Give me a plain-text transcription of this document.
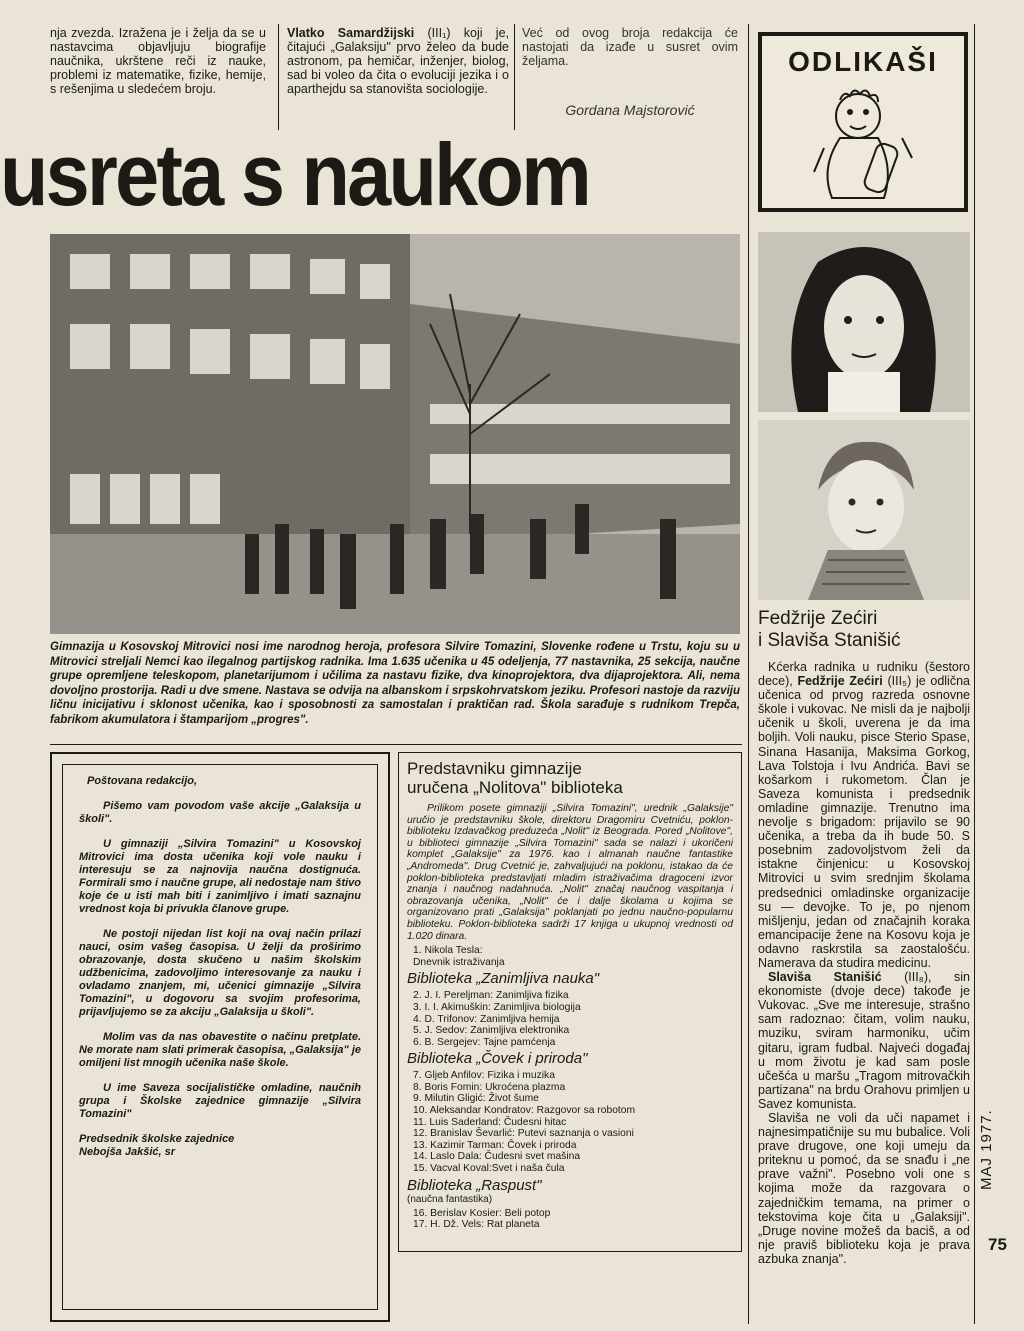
nja zvezda. Izražena je i želja da se u nastavcima objavljuju biografije naučnika, ukrštene reči iz nauke, problemi iz matematike, fizike, hemije, s rešenjima u sledećem broju.
Vlatko Samardžijski (III₁) koji je, čitajući „Galaksiju" prvo želeo da bude astronom, pa hemičar, inženjer, biolog, sad bi voleo da čita o evoluciji jezika i o aparthejdu sa stanovišta sociologije.
Već od ovog broja redakcija će nastojati da izađe u susret ovim željama.
Gordana Majstorović
usreta s naukom
ODLIKAŠI
Gimnazija u Kosovskoj Mitrovici nosi ime narodnog heroja, profesora Silvire Tomazini, Slovenke rođene u Trstu, koju su u Mitrovici streljali Nemci kao ilegalnog partijskog radnika. Ima 1.635 učenika u 45 odeljenja, 77 nastavnika, 25 sekcija, naučne grupe opremljene teleskopom, planetarijumom i učilima za nastavu fizike, dva kinoprojektora, dva dijaprojektora. Ali, nema dovoljno prostorija. Radi u dve smene. Nastava se odvija na albanskom i srpskohrvatskom jeziku. Profesori nastoje da razviju ličnu inicijativu i sklonost učenika, kao i sposobnosti za samostalan i praktičan rad. Škola sarađuje s rudnikom Trepča, fabrikom akumulatora i štamparijom „progres".
Fedžrije Zećiri
i Slaviša Stanišić

Kćerka radnika u rudniku (šestoro dece), Fedžrije Zećiri (III₅) je odlična učenica od prvog razreda osnovne škole i vukovac. Ne misli da je najbolji učenik u školi, uverena je da ima boljih. Voli nauku, pisce Sterio Spase, Sinana Hasanija, Maksima Gorkog, Lava Tolstoja i Ivu Andrića. Bavi se košarkom i rukometom. Član je Saveza komunista i predsednik omladine gimnazije. Trenutno ima nevolje s brigadom: prijavilo se 90 učenika, a treba da ih bude 50. S posebnim zadovoljstvom želi da istakne činjenicu: u Kosovskoj Mitrovici u svim srednjim školama predsednici omladinske organizacije su — devojke. To je, po njenom mišljenju, jedan od značajnih koraka emancipacije žene na Kosovu koja je odavno raskrstila sa zaostalošću. Namerava da studira medicinu.

Slaviša Stanišić (III₈), sin ekonomiste (dvoje dece) takođe je Vukovac. „Sve me interesuje, strašno sam radoznao: čitam, volim nauku, muziku, sviram harmoniku, učim gitaru, igram fudbal. Najveći događaj u mom životu je kad sam posle učešća u maršu „Tragom mitrovačkih partizana" na brdu Orahovu primljen u Savez komunista.

Slaviša ne voli da uči napamet i najnesimpatičnije su mu bubalice. Voli prave drugove, one koji umeju da priteknu u pomoć, da se snađu i „ne prave važni". Posebno voli one s kojima može da razgovara o zajedničkim temama, na primer o tekstovima koje čita u „Galaksiji". „Druge novine možeš da baciš, a od nje praviš biblioteku koja je prava azbuka znanja".

Poštovana redakcijo,

Pišemo vam povodom vaše akcije „Galaksija u školi".

U gimnaziji „Silvira Tomazini" u Kosovskoj Mitrovici ima dosta učenika koji vole nauku i interesuju se za najnovija naučna dostignuća. Formirali smo i naučne grupe, ali nedostaje nam štivo koje će u isti mah biti i zanimljivo i imati saznajnu vrednost koja bi privukla članove grupe.

Ne postoji nijedan list koji na ovaj način prilazi nauci, osim vašeg časopisa. U želji da proširimo obrazovanje, dosta skučeno u našim školskim udžbenicima, zadovoljimo interesovanje za nauku i ovladamo znanjem, mi, učenici gimnazije „Silvira Tomazini", u dogovoru sa svojim profesorima, prijavljujemo se za akciju „Galaksija u školi".

Molim vas da nas obavestite o načinu pretplate. Ne morate nam slati primerak časopisa, „Galaksija" je omiljeni list mnogih učenika naše škole.

U ime Saveza socijalističke omladine, naučnih grupa i Školske zajednice gimnazije „Silvira Tomazini"

Predsednik školske zajednice
Nebojša Jakšić, sr

Predstavniku gimnazije
uručena „Nolitova" biblioteka
Prilikom posete gimnaziji „Silvira Tomazini", urednik „Galaksije" uručio je predstavniku škole, direktoru Dragomiru Cvetniću, poklon-biblioteku Izdavačkog preduzeća „Nolit" iz Beograda. Pored „Nolitove", u biblioteci gimnazije „Silvira Tomazini" sada se nalazi i ukoričeni komplet „Galaksije" za 1976. kao i almanah naučne fantastike „Andromeda". Drug Cvetnić je, zahvaljujući na poklonu, istakao da će poklon-biblioteka predstavljati mladim istraživačima dragoceni izvor znanja i naučnog nadahnuća. „Nolit" značaj naučnog vaspitanja i obrazovanja učenika, „Nolit" će i dalje školama u kojima se organizovano prati „Galaksija" poklanjati po jednu naučno-popularnu biblioteku. Poklon-biblioteka sadrži 17 knjiga u ukupnoj vrednosti od 1.020 dinara.
1. Nikola Tesla:
Dnevnik istraživanja
Biblioteka „Zanimljiva nauka"
2. J. I. Pereljman: Zanimljiva fizika
3. I. I. Akimuškin: Zanimljiva biologija
4. D. Trifonov: Zanimljiva hemija
5. J. Sedov: Zanimljiva elektronika
6. B. Sergejev: Tajne pamćenja
Biblioteka „Čovek i priroda"
7. Gljeb Anfilov: Fizika i muzika
8. Boris Fomin: Ukroćena plazma
9. Milutin Gligić: Život šume
10. Aleksandar Kondratov: Razgovor sa robotom
11. Luis Saderland: Čudesni hitac
12. Branislav Ševarlić: Putevi saznanja o vasioni
13. Kazimir Tarman: Čovek i priroda
14. Laslo Dala: Čudesni svet mašina
15. Vacval Koval:Svet i naša čula
Biblioteka „Raspust"
(naučna fantastika)
16. Berislav Kosier: Beli potop
17. H. Dž. Vels: Rat planeta
MAJ 1977.
75
